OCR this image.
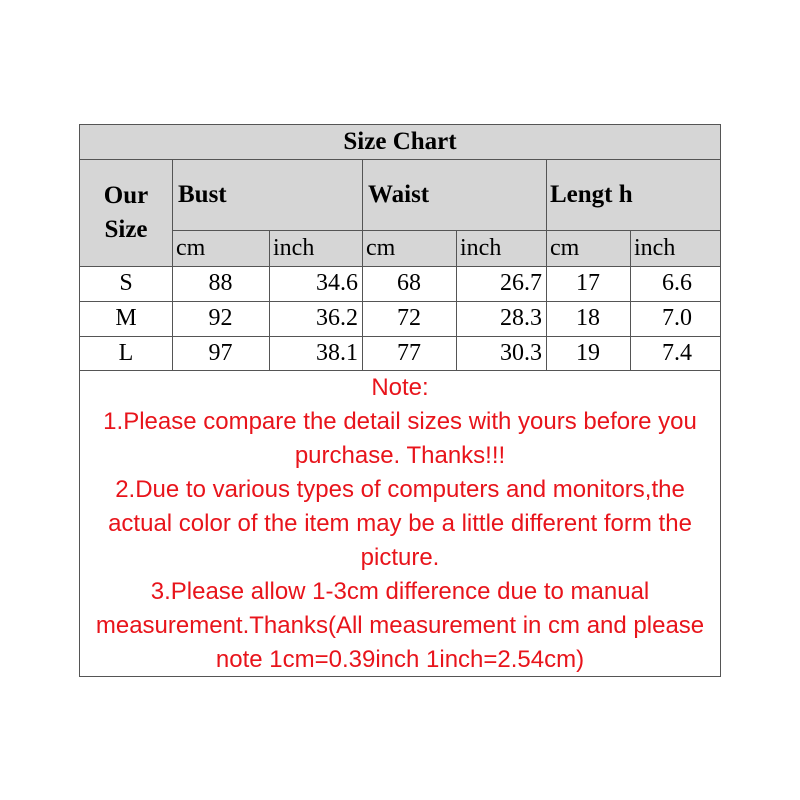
Size Chart
Our Size
Bust	Waist	Lengt h
cm	inch	cm	inch	cm	inch
S	88	34.6	68	26.7	17	6.6
M	92	36.2	72	28.3	18	7.0
L	97	38.1	77	30.3	19	7.4
Note:
1.Please compare the detail sizes with yours before you purchase. Thanks!!!
2.Due to various types of computers and monitors,the actual color of the item may be a little different form the picture.
3.Please allow 1-3cm difference due to manual measurement.Thanks(All measurement in cm and please note 1cm=0.39inch 1inch=2.54cm)
